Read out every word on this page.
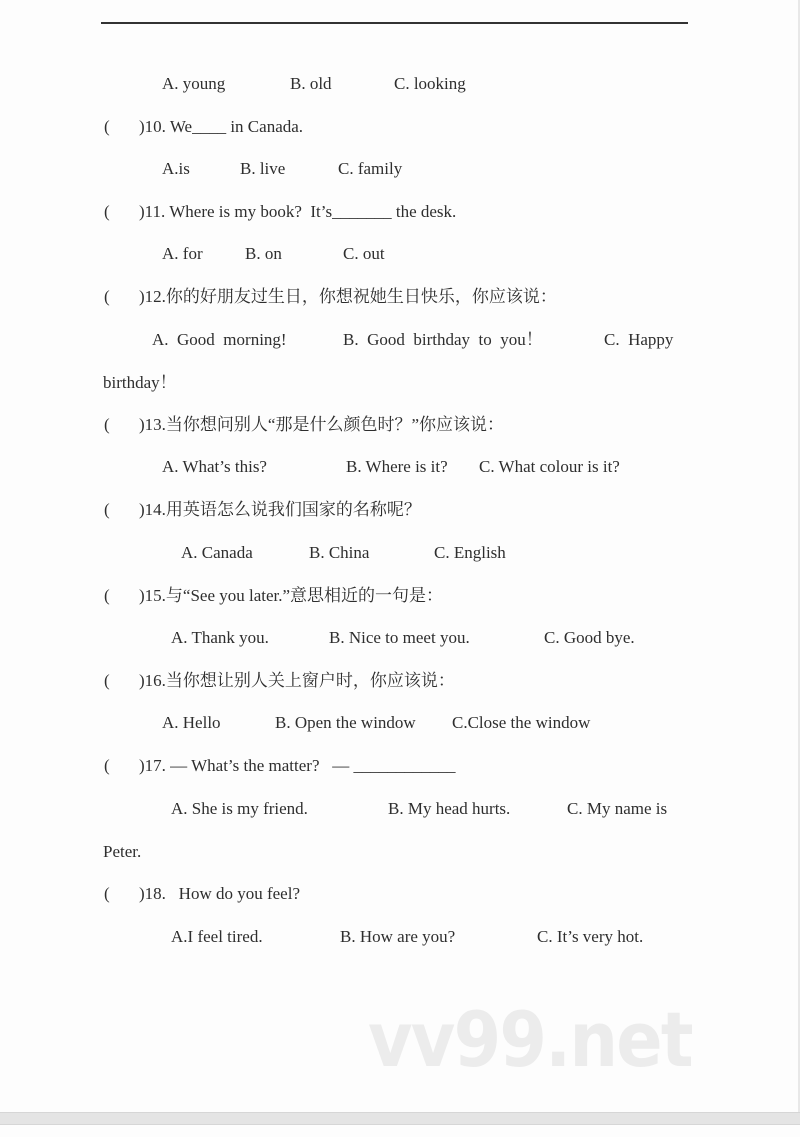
A. young	B. old	C. looking
( )10. We____ in Canada.
A.is	B. live	C. family
( )11. Where is my book?  It’s_______ the desk.
A. for B. on	C. out
( )12.你的好朋友过生日，你想祝她生日快乐，你应该说：
A.  Good  morning!	B.  Good  birthday  to  you！	C.  Happy
birthday！
( )13.当你想问别人“那是什么颜色时？”你应该说：
A. What’s this?	B. Where is it? C. What colour is it?
( )14.用英语怎么说我们国家的名称呢？
A. Canada	B. China	C. English
( )15.与“See you later.”意思相近的一句是：
A. Thank you.	B. Nice to meet you.	C. Good bye.
( )16.当你想让别人关上窗户时，你应该说：
A. Hello	B. Open the window C.Close the window
( )17. — What’s the matter?   — ____________
A. She is my friend.	B. My head hurts.	C. My name is
Peter.
( )18.   How do you feel?
A.I feel tired.	B. How are you?	C. It’s very hot.
vv99.net
